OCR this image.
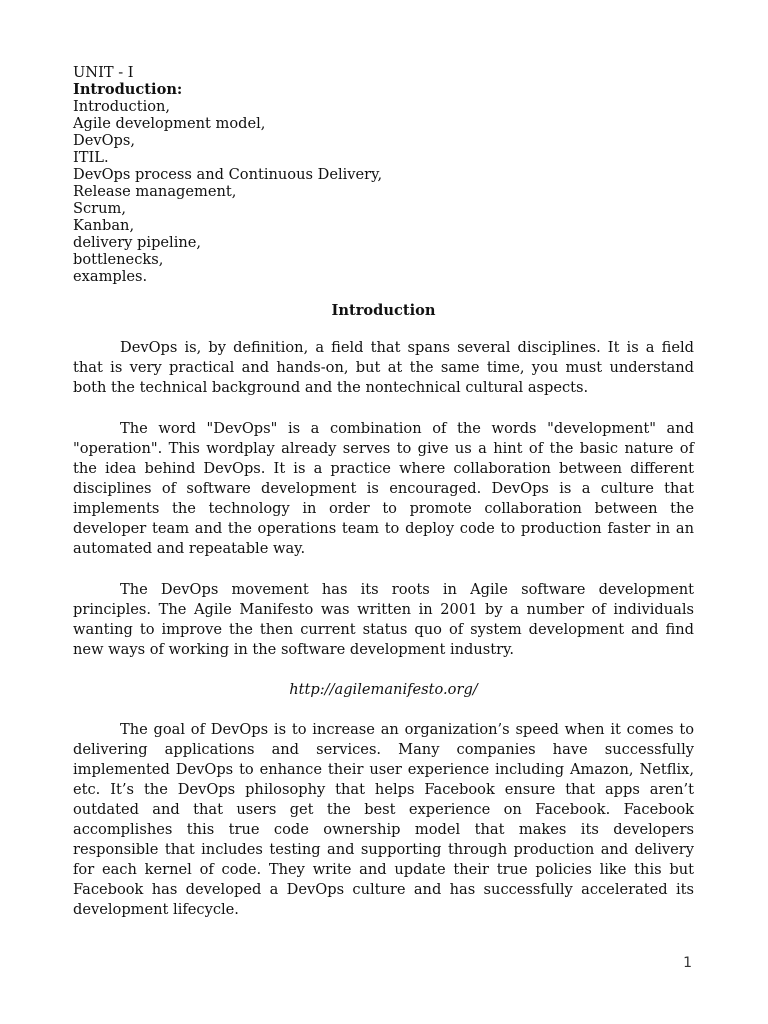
UNIT - I
Introduction:
Introduction,
Agile development model,
DevOps,
ITIL.
DevOps process and Continuous Delivery,
Release management,
Scrum,
Kanban,
delivery pipeline,
bottlenecks,
examples.
Introduction

DevOps is, by definition, a field that spans several disciplines. It is a field that is very practical and hands-on, but at the same time, you must understand both the technical background and the nontechnical cultural aspects.

The word "DevOps" is a combination of the words "development" and "operation". This wordplay already serves to give us a hint of the basic nature of the idea behind DevOps. It is a practice where collaboration between different disciplines of software development is encouraged. DevOps is a culture that implements the technology in order to promote collaboration between the developer team and the operations team to deploy code to production faster in an automated and repeatable way.

The DevOps movement has its roots in Agile software development principles. The Agile Manifesto was written in 2001 by a number of individuals wanting to improve the then current status quo of system development and find new ways of working in the software development industry.

http://agilemanifesto.org/

The goal of DevOps is to increase an organization’s speed when it comes to delivering applications and services. Many companies have successfully implemented DevOps to enhance their user experience including Amazon, Netflix, etc. It’s the DevOps philosophy that helps Facebook ensure that apps aren’t outdated and that users get the best experience on Facebook. Facebook accomplishes this true code ownership model that makes its developers responsible that includes testing and supporting through production and delivery for each kernel of code. They write and update their true policies like this but Facebook has developed a DevOps culture and has successfully accelerated its development lifecycle.

1
